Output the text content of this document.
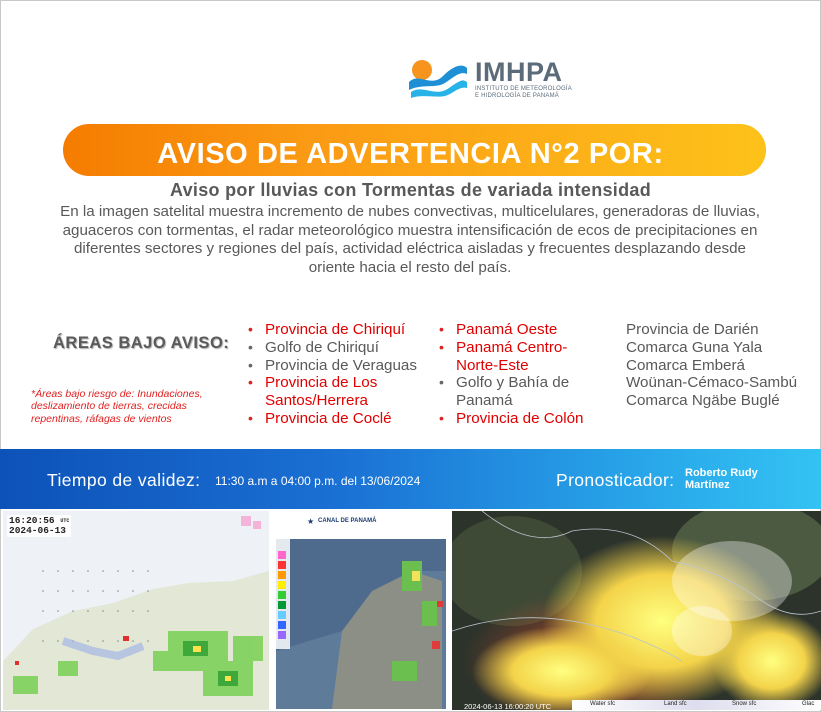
IMHPA
INSTITUTO DE METEOROLOGÍA
E HIDROLOGÍA DE PANAMÁ
AVISO DE ADVERTENCIA N°2 POR:
Aviso por lluvias con Tormentas de variada intensidad
En la imagen satelital muestra incremento de nubes convectivas, multicelulares, generadoras de lluvias, aguaceros con tormentas, el radar meteorológico muestra intensificación de ecos de precipitaciones en diferentes sectores y regiones del país, actividad eléctrica aisladas y frecuentes desplazando desde oriente hacia el resto del país.
ÁREAS BAJO AVISO:
*Áreas bajo riesgo de: Inundaciones, deslizamiento de tierras, crecidas repentinas, ráfagas de vientos
• Provincia de Chiriquí
• Golfo de Chiriquí
• Provincia de Veraguas
• Provincia de Los Santos/Herrera
• Provincia de Coclé
• Panamá Oeste
• Panamá Centro-Norte-Este
• Golfo y Bahía de Panamá
• Provincia de Colón
Provincia de Darién
Comarca Guna Yala
Comarca Emberá
Woünan-Cémaco-Sambú
Comarca Ngäbe Buglé
Tiempo de validez: 11:30 a.m a 04:00 p.m. del 13/06/2024	Pronosticador: Roberto Rudy Martínez
16:20:56 $^{UTC}$
2024-06-13
★ CANAL DE PANAMÁ
2024-06-13 16:00:20 UTC	Water sfc	Land sfc	Snow sfc	Glac
